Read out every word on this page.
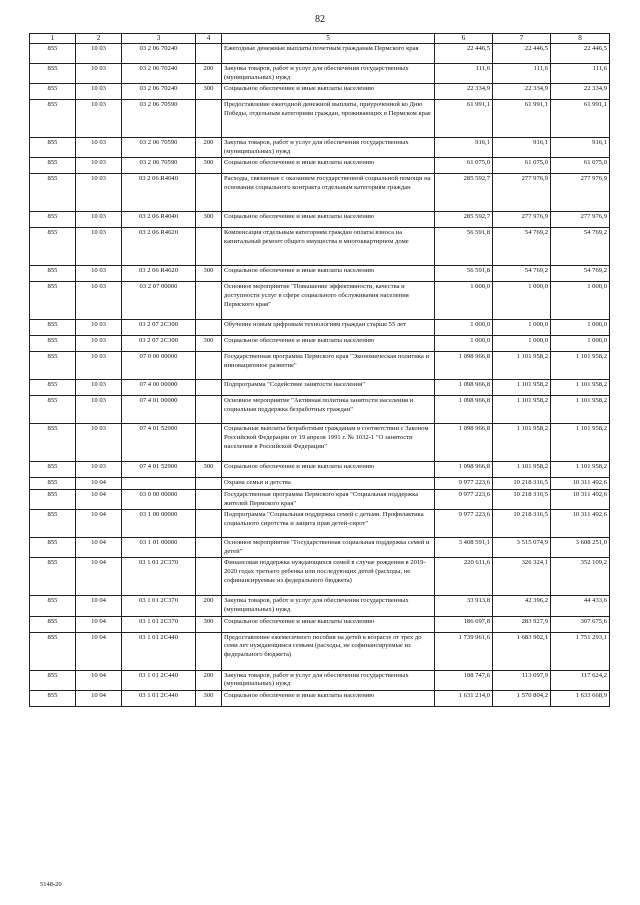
82
1	2	3	4	5	6	7	8
855	10 03	03 2 06 70240		Ежегодные денежные выплаты почетным гражданам Пермского края	22 446,5	22 446,5	22 446,5
855	10 03	03 2 06 70240	200	Закупка товаров, работ и услуг для обеспечения государственных (муниципальных) нужд	111,6	111,6	111,6
855	10 03	03 2 06 70240	300	Социальное обеспечение и иные выплаты населению	22 334,9	22 334,9	22 334,9
855	10 03	03 2 06 70590		Предоставление ежегодной денежной выплаты, приуроченной ко Дню Победы, отдельным категориям граждан, проживающих в Пермском крае	61 991,1	61 991,1	61 991,1
855	10 03	03 2 06 70590	200	Закупка товаров, работ и услуг для обеспечения государственных (муниципальных) нужд	916,1	916,1	916,1
855	10 03	03 2 06 70590	300	Социальное обеспечение и иные выплаты населению	61 075,0	61 075,0	61 075,0
855	10 03	03 2 06 R4040		Расходы, связанные с оказанием государственной социальной помощи на основании социального контракта отдельным категориям граждан	285 592,7	277 976,9	277 976,9
855	10 03	03 2 06 R4040	300	Социальное обеспечение и иные выплаты населению	285 592,7	277 976,9	277 976,9
855	10 03	03 2 06 R4620		Компенсация отдельным категориям граждан оплаты взноса на капитальный ремонт общего имущества в многоквартирном доме	56 591,8	54 769,2	54 769,2
855	10 03	03 2 06 R4620	300	Социальное обеспечение и иные выплаты населению	56 591,8	54 769,2	54 769,2
855	10 03	03 2 07 00000		Основное мероприятие "Повышение эффективности, качества и доступности услуг в сфере социального обслуживания населения Пермского края"	1 000,0	1 000,0	1 000,0
855	10 03	03 2 07 2С300		Обучение новым цифровым технологиям граждан старше 55 лет	1 000,0	1 000,0	1 000,0
855	10 03	03 2 07 2С300	300	Социальное обеспечение и иные выплаты населению	1 000,0	1 000,0	1 000,0
855	10 03	07 0 00 00000		Государственная программа Пермского края "Экономическая политика и инновационное развитие"	1 098 966,8	1 101 958,2	1 101 958,2
855	10 03	07 4 00 00000		Подпрограмма "Содействие занятости населения"	1 098 966,8	1 101 958,2	1 101 958,2
855	10 03	07 4 01 00000		Основное мероприятие "Активная политика занятости населения и социальная поддержка безработных граждан"	1 098 966,8	1 101 958,2	1 101 958,2
855	10 03	07 4 01 52900		Социальные выплаты безработным гражданам в соответствии с Законом Российской Федерации от 19 апреля 1991 г. № 1032-1 "О занятости населения в Российской Федерации"	1 098 966,8	1 101 958,2	1 101 958,2
855	10 03	07 4 01 52900	300	Социальное обеспечение и иные выплаты населению	1 098 966,8	1 101 958,2	1 101 958,2
855	10 04			Охрана семьи и детства	9 977 223,6	10 218 316,5	10 311 492,6
855	10 04	03 0 00 00000		Государственная программа Пермского края "Социальная поддержка жителей Пермского края"	9 977 223,6	10 218 316,5	10 311 492,6
855	10 04	03 1 00 00000		Подпрограмма "Социальная поддержка семей с детьми. Профилактика социального сиротства и защита прав детей-сирот"	9 977 223,6	10 218 316,5	10 311 492,6
855	10 04	03 1 01 00000		Основное мероприятие "Государственная социальная поддержка семей и детей"	3 408 591,1	3 515 074,9	3 608 251,0
855	10 04	03 1 01 2С370		Финансовая поддержка нуждающихся семей в случае рождения в 2019-2020 годах третьего ребенка или последующих детей (расходы, не софинансируемые из федерального бюджета)	220 611,6	326 324,1	352 109,2
855	10 04	03 1 01 2С370	200	Закупка товаров, работ и услуг для обеспечения государственных (муниципальных) нужд	33 913,8	42 396,2	44 433,6
855	10 04	03 1 01 2С370	300	Социальное обеспечение и иные выплаты населению	186 697,8	283 927,9	307 675,6
855	10 04	03 1 01 2С440		Предоставление ежемесячного пособия на детей в возрасте от трех до семи лет нуждающимся семьям (расходы, не софинансируемые из федерального бюджета)	1 739 961,6	1 683 902,1	1 751 293,1
855	10 04	03 1 01 2С440	200	Закупка товаров, работ и услуг для обеспечения государственных (муниципальных) нужд	108 747,6	113 097,9	117 624,2
855	10 04	03 1 01 2С440	300	Социальное обеспечение и иные выплаты населению	1 631 214,0	1 570 804,2	1 633 668,9
5148-20
